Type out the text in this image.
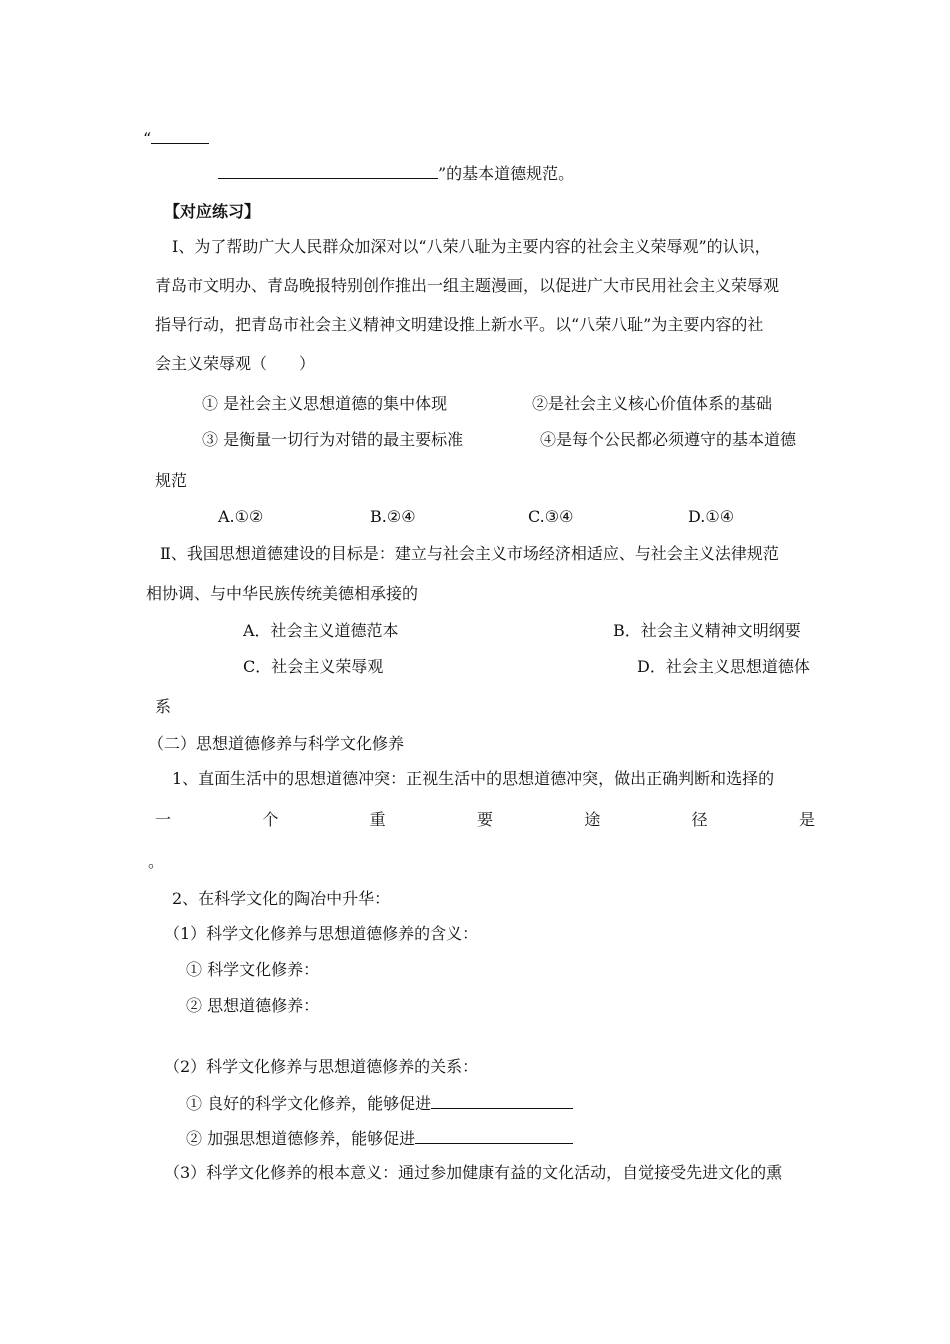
“
”的基本道德规范。
【对应练习】
Ⅰ、为了帮助广大人民群众加深对以“八荣八耻为主要内容的社会主义荣辱观”的认识，
青岛市文明办、青岛晚报特别创作推出一组主题漫画，以促进广大市民用社会主义荣辱观
指导行动，把青岛市社会主义精神文明建设推上新水平。以“八荣八耻”为主要内容的社
会主义荣辱观（　　）
① 是社会主义思想道德的集中体现	②是社会主义核心价值体系的基础
③ 是衡量一切行为对错的最主要标准	④是每个公民都必须遵守的基本道德
规范
A.①②	B.②④	C.③④	D.①④
Ⅱ、我国思想道德建设的目标是：建立与社会主义市场经济相适应、与社会主义法律规范
相协调、与中华民族传统美德相承接的
A．社会主义道德范本	B．社会主义精神文明纲要
C．社会主义荣辱观	D．社会主义思想道德体
系
（二）思想道德修养与科学文化修养
1、直面生活中的思想道德冲突：正视生活中的思想道德冲突，做出正确判断和选择的
一	个	重	要	途	径	是
。
2、在科学文化的陶冶中升华：
（1）科学文化修养与思想道德修养的含义：
① 科学文化修养：
② 思想道德修养：
（2）科学文化修养与思想道德修养的关系：
① 良好的科学文化修养，能够促进
② 加强思想道德修养，能够促进
（3）科学文化修养的根本意义：通过参加健康有益的文化活动，自觉接受先进文化的熏
